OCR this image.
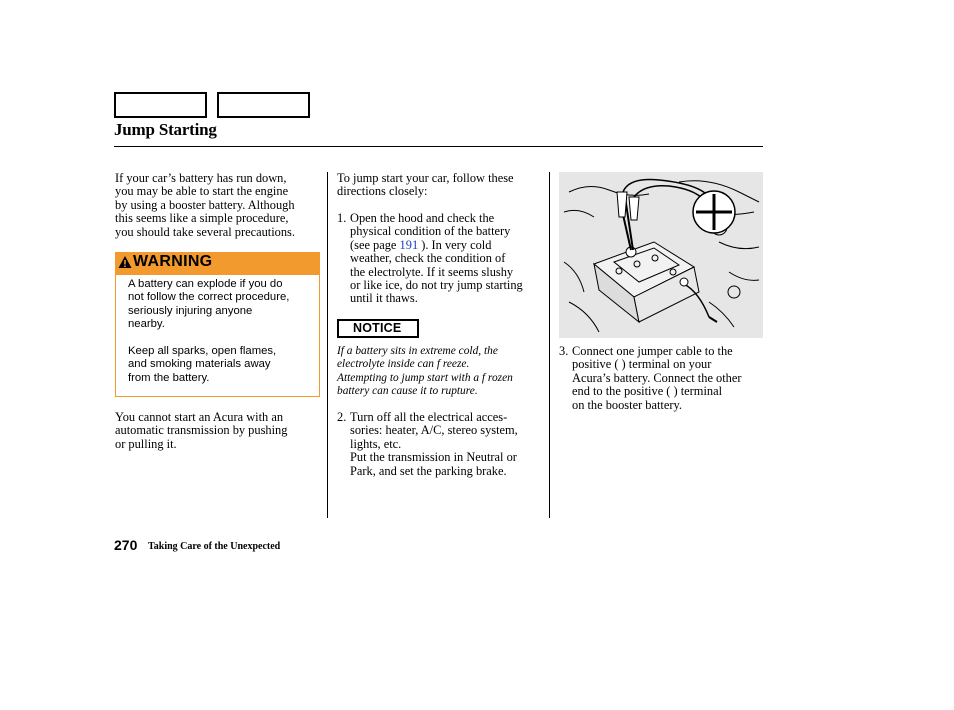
Jump Starting
If your car’s battery has run down,
you may be able to start the engine
by using a booster battery. Although
this seems like a simple procedure,
you should take several precautions.
WARNING
A battery can explode if you do
not follow the correct procedure,
seriously injuring anyone
nearby.
Keep all sparks, open flames,
and smoking materials away
from the battery.
You cannot start an Acura with an
automatic transmission by pushing
or pulling it.
To jump start your car, follow these
directions closely:
1. Open the hood and check the
physical condition of the battery
(see page 191 ). In very cold
weather, check the condition of
the electrolyte. If it seems slushy
or like ice, do not try jump starting
until it thaws.
NOTICE
If a battery sits in extreme cold, the
electrolyte inside can f reeze.
Attempting to jump start with a f rozen
battery can cause it to rupture.
2. Turn off all the electrical acces-
sories: heater, A/C, stereo system,
lights, etc.
Put the transmission in Neutral or
Park, and set the parking brake.
3. Connect one jumper cable to the
positive ( ) terminal on your
Acura’s battery. Connect the other
end to the positive ( ) terminal
on the booster battery.
270 Taking Care of the Unexpected
